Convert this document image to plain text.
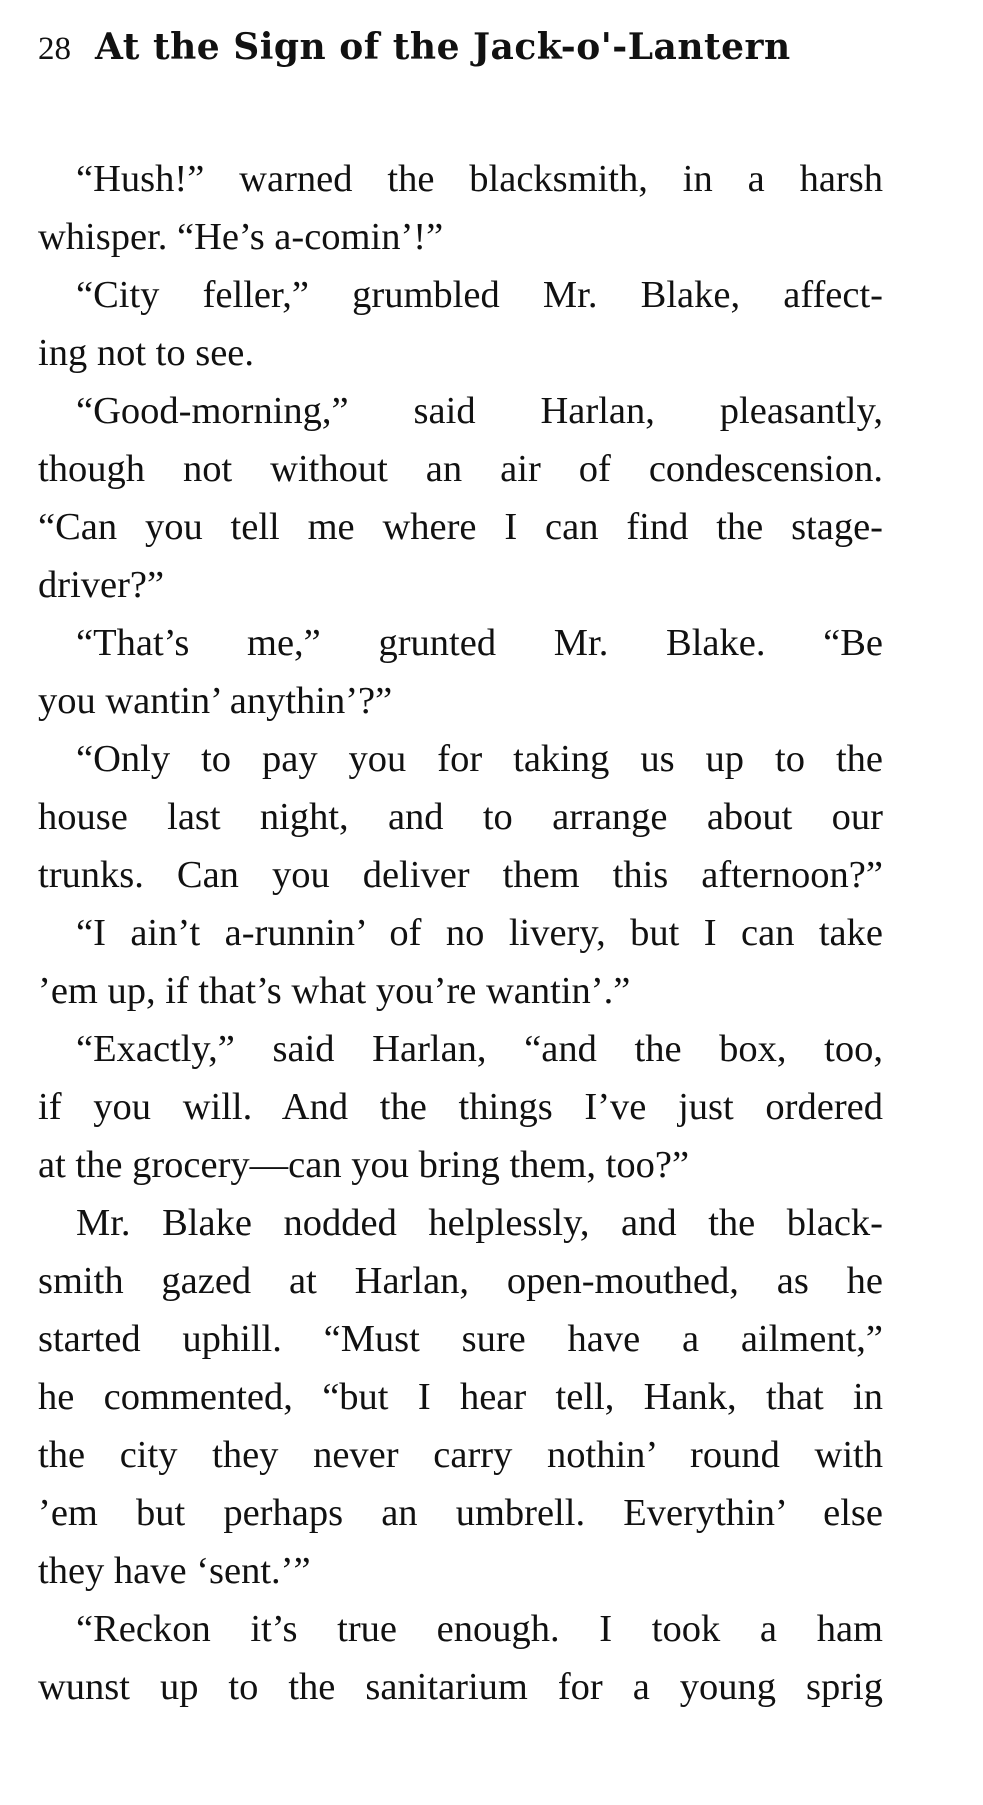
28 At the Sign of the Jack-o'-Lantern
“Hush!” warned the blacksmith, in a harsh
whisper. “He’s a-comin’!”
“City feller,” grumbled Mr. Blake, affect-
ing not to see.
“Good-morning,” said Harlan, pleasantly,
though not without an air of condescension.
“Can you tell me where I can find the stage-
driver?”
“That’s me,” grunted Mr. Blake. “Be
you wantin’ anythin’?”
“Only to pay you for taking us up to the
house last night, and to arrange about our
trunks. Can you deliver them this afternoon?”
“I ain’t a-runnin’ of no livery, but I can take
’em up, if that’s what you’re wantin’.”
“Exactly,” said Harlan, “and the box, too,
if you will. And the things I’ve just ordered
at the grocery—can you bring them, too?”
Mr. Blake nodded helplessly, and the black-
smith gazed at Harlan, open-mouthed, as he
started uphill. “Must sure have a ailment,”
he commented, “but I hear tell, Hank, that in
the city they never carry nothin’ round with
’em but perhaps an umbrell. Everythin’ else
they have ‘sent.’”
“Reckon it’s true enough. I took a ham
wunst up to the sanitarium for a young sprig
